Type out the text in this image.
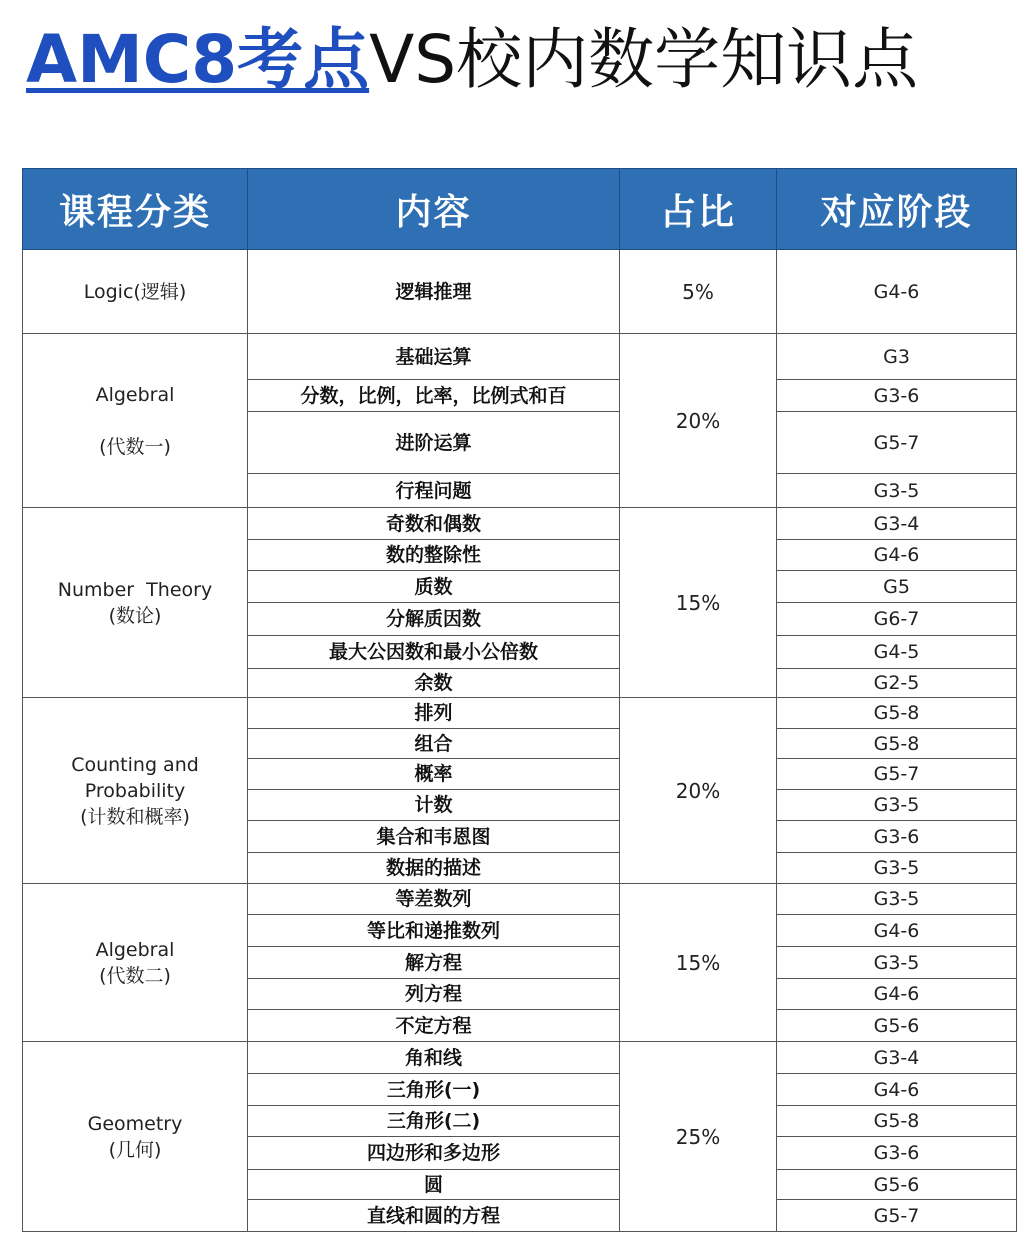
AMC8考点VS校内数学知识点
课程分类	内容	占比	对应阶段

Logic(逻辑)	逻辑推理	5%	G4-6

Algebral
(代数一)	基础运算	20%	G3
	分数，比例，比率，比例式和百		G3-6
	进阶运算		G5-7
	行程问题		G3-5

Number  Theory
(数论)	奇数和偶数	15%	G3-4
	数的整除性		G4-6
	质数		G5
	分解质因数		G6-7
	最大公因数和最小公倍数		G4-5
	余数		G2-5

Counting and
Probability
(计数和概率)	排列	20%	G5-8
	组合		G5-8
	概率		G5-7
	计数		G3-5
	集合和韦恩图		G3-6
	数据的描述		G3-5

Algebral
(代数二)	等差数列	15%	G3-5
	等比和递推数列		G4-6
	解方程		G3-5
	列方程		G4-6
	不定方程		G5-6

Geometry
(几何)	角和线	25%	G3-4
	三角形(一)		G4-6
	三角形(二)		G5-8
	四边形和多边形		G3-6
	圆		G5-6
	直线和圆的方程		G5-7
